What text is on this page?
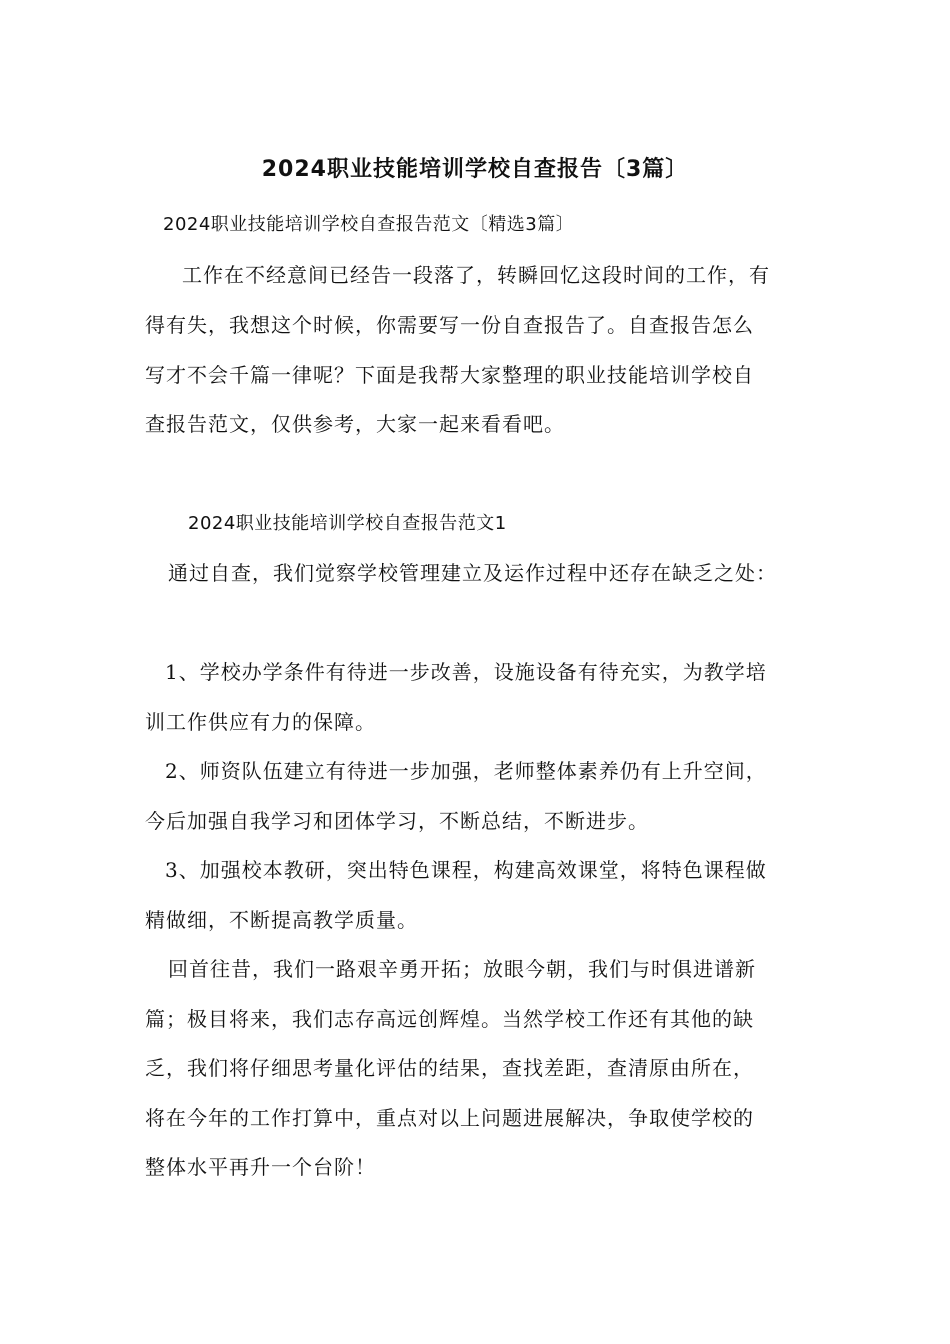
2024职业技能培训学校自查报告〔3篇〕
2024职业技能培训学校自查报告范文〔精选3篇〕
工作在不经意间已经告一段落了，转瞬回忆这段时间的工作，有
得有失，我想这个时候，你需要写一份自查报告了。自查报告怎么
写才不会千篇一律呢？下面是我帮大家整理的职业技能培训学校自
查报告范文，仅供参考，大家一起来看看吧。
2024职业技能培训学校自查报告范文1
通过自查，我们觉察学校管理建立及运作过程中还存在缺乏之处：
1、学校办学条件有待进一步改善，设施设备有待充实，为教学培
训工作供应有力的保障。
2、师资队伍建立有待进一步加强，老师整体素养仍有上升空间，
今后加强自我学习和团体学习，不断总结，不断进步。
3、加强校本教研，突出特色课程，构建高效课堂，将特色课程做
精做细，不断提高教学质量。
回首往昔，我们一路艰辛勇开拓；放眼今朝，我们与时俱进谱新
篇；极目将来，我们志存高远创辉煌。当然学校工作还有其他的缺
乏，我们将仔细思考量化评估的结果，查找差距，查清原由所在，
将在今年的工作打算中，重点对以上问题进展解决，争取使学校的
整体水平再升一个台阶！
